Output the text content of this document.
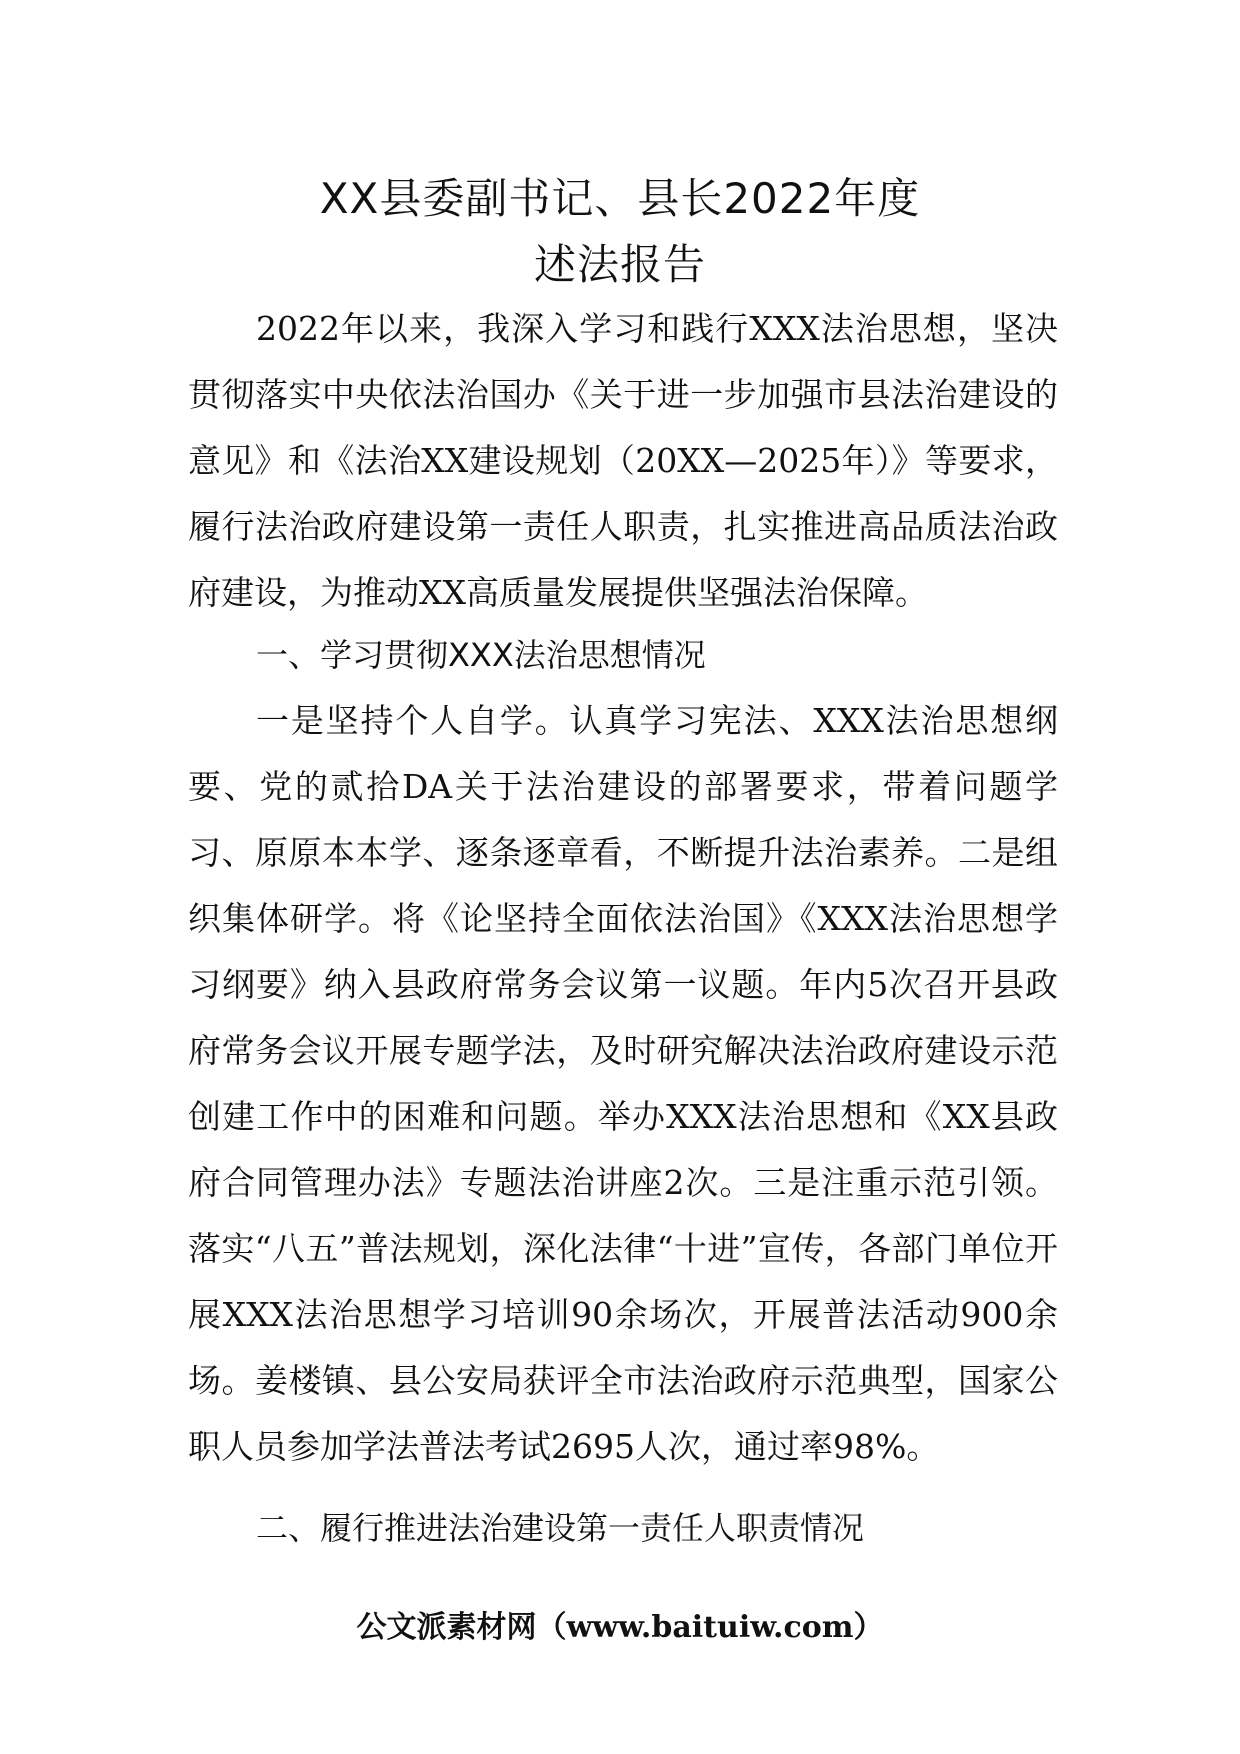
XX县委副书记、县长2022年度
述法报告
2022年以来，我深入学习和践行XXX法治思想，坚决贯彻落实中央依法治国办《关于进一步加强市县法治建设的意见》和《法治XX建设规划（20XX—2025年）》等要求，履行法治政府建设第一责任人职责，扎实推进高品质法治政府建设，为推动XX高质量发展提供坚强法治保障。
一、学习贯彻XXX法治思想情况
一是坚持个人自学。认真学习宪法、XXX法治思想纲要、党的贰拾DA关于法治建设的部署要求，带着问题学习、原原本本学、逐条逐章看，不断提升法治素养。二是组织集体研学。将《论坚持全面依法治国》《XXX法治思想学习纲要》纳入县政府常务会议第一议题。年内5次召开县政府常务会议开展专题学法，及时研究解决法治政府建设示范创建工作中的困难和问题。举办XXX法治思想和《XX县政府合同管理办法》专题法治讲座2次。三是注重示范引领。落实“八五”普法规划，深化法律“十进”宣传，各部门单位开展XXX法治思想学习培训90余场次，开展普法活动900余场。姜楼镇、县公安局获评全市法治政府示范典型，国家公职人员参加学法普法考试2695人次，通过率98%。
二、履行推进法治建设第一责任人职责情况
公文派素材网（www.baituiw.com）
